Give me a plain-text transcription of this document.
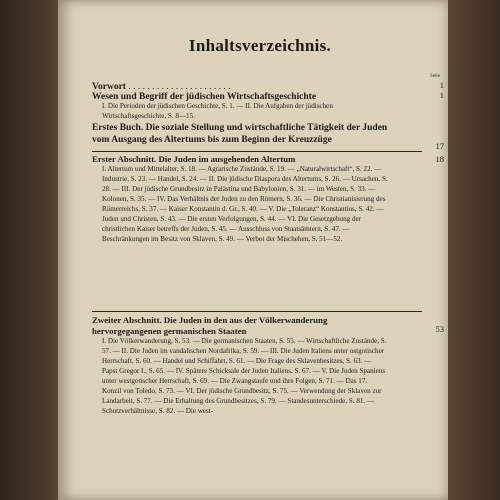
Inhaltsverzeichnis.
Seite
Vorwort . . .	1
Wesen und Begriff der jüdischen Wirtschaftsgeschichte	1
I. Die Perioden der jüdischen Geschichte, S. 1. — II. Die Aufgaben der jüdischen Wirtschaftsgeschichte, S. 8—15.
Erstes Buch. Die soziale Stellung und wirtschaftliche Tätigkeit der Juden vom Ausgang des Altertums bis zum Beginn der Kreuzzüge
17
Erster Abschnitt. Die Juden im ausgehenden Altertum	18
I. Altertum und Mittelalter, S. 18. — Agrarische Zustände, S. 19. — „Naturalwirtschaft“, S. 22. — Industrie, S. 23. — Handel, S. 24. — II. Die jüdische Diaspora des Altertums, S. 26. — Ursachen, S. 28. — III. Der jüdische Grundbesitz in Palästina und Babylonien, S. 31. — im Westen, S. 33. — Kolonen, S. 35. — IV. Das Verhältnis der Juden zu den Römern, S. 36. — Die Christianisierung des Römerreichs, S. 37. — Kaiser Konstantin d. Gr., S. 40. — V. Die „Toleranz“ Konstantius, S. 42. — Juden und Christen, S. 43. — Die ersten Verfolgungen, S. 44. — VI. Die Gesetzgebung der christlichen Kaiser betreffs der Juden, S. 45. — Ausschluss von Staatsämtern, S. 47. — Beschränkungen im Besitz von Sklaven, S. 49. — Verbot der Mischehen, S. 51—52.
Zweiter Abschnitt. Die Juden in den aus der Völkerwanderung hervorgegangenen germanischen Staaten	53
I. Die Völkerwanderung, S. 53. — Die germanischen Staaten, S. 55. — Wirtschaftliche Zustände, S. 57. — II. Die Juden im vandalischen Nordafrika, S. 59. — III. Die Juden Italiens unter ostgotischer Herrschaft, S. 60. — Handel und Schiffahrt, S. 61. — Die Frage des Sklavenbesitzes, S. 63. — Papst Gregor I., S. 65. — IV. Spätere Schicksale der Juden Italiens, S. 67. — V. Die Juden Spaniens unter westgotischer Herrschaft, S. 69. — Die Zwangstaufe und ihre Folgen, S. 71. — Das 17. Konzil von Toledo, S. 73. — VI. Der jüdische Grundbesitz, S. 75. — Verwendung der Sklaven zur Landarbeit, S. 77. — Die Erhaltung des Grundbesitzes, S. 79. — Standesunterschiede, S. 81. — Schutzverhältnisse, S. 82. — Die west-
